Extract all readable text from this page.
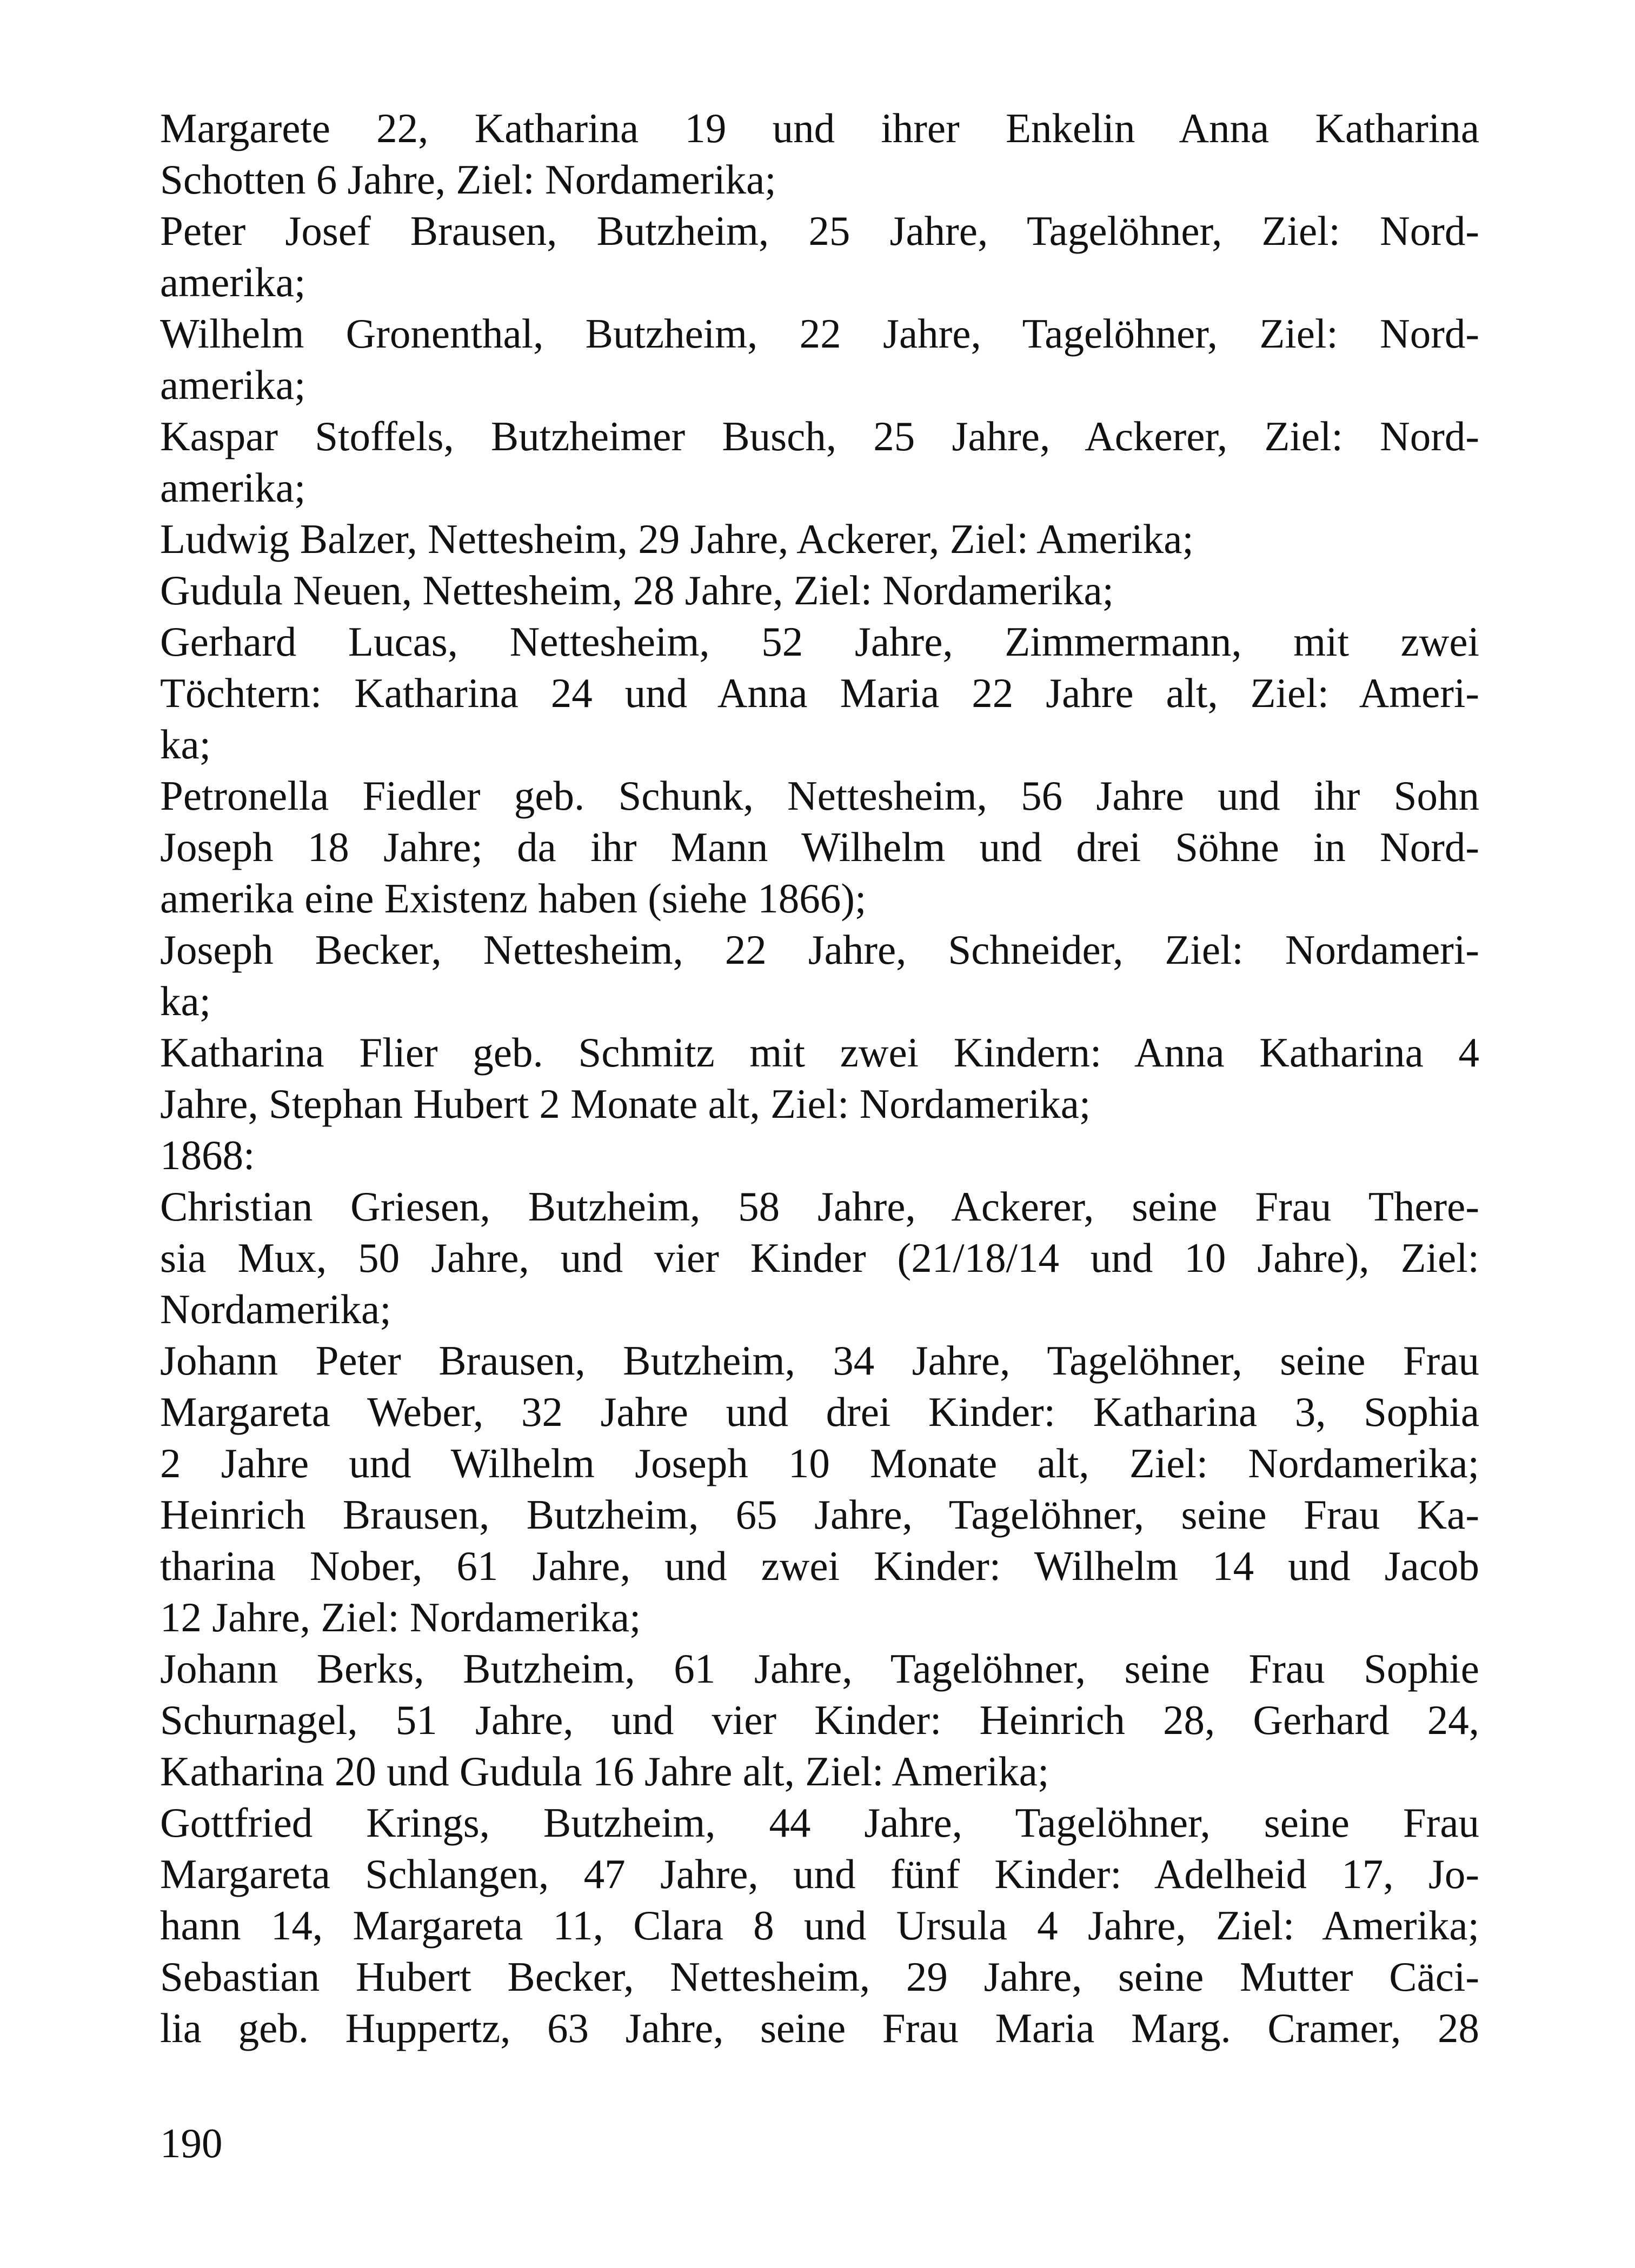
Margarete 22, Katharina 19 und ihrer Enkelin Anna Katharina
Schotten 6 Jahre, Ziel: Nordamerika;
Peter Josef Brausen, Butzheim, 25 Jahre, Tagelöhner, Ziel: Nord-
amerika;
Wilhelm Gronenthal, Butzheim, 22 Jahre, Tagelöhner, Ziel: Nord-
amerika;
Kaspar Stoffels, Butzheimer Busch, 25 Jahre, Ackerer, Ziel: Nord-
amerika;
Ludwig Balzer, Nettesheim, 29 Jahre, Ackerer, Ziel: Amerika;
Gudula Neuen, Nettesheim, 28 Jahre, Ziel: Nordamerika;
Gerhard Lucas, Nettesheim, 52 Jahre, Zimmermann, mit zwei
Töchtern: Katharina 24 und Anna Maria 22 Jahre alt, Ziel: Ameri-
ka;
Petronella Fiedler geb. Schunk, Nettesheim, 56 Jahre und ihr Sohn
Joseph 18 Jahre; da ihr Mann Wilhelm und drei Söhne in Nord-
amerika eine Existenz haben (siehe 1866);
Joseph Becker, Nettesheim, 22 Jahre, Schneider, Ziel: Nordameri-
ka;
Katharina Flier geb. Schmitz mit zwei Kindern: Anna Katharina 4
Jahre, Stephan Hubert 2 Monate alt, Ziel: Nordamerika;
1868:
Christian Griesen, Butzheim, 58 Jahre, Ackerer, seine Frau There-
sia Mux, 50 Jahre, und vier Kinder (21/18/14 und 10 Jahre), Ziel:
Nordamerika;
Johann Peter Brausen, Butzheim, 34 Jahre, Tagelöhner, seine Frau
Margareta Weber, 32 Jahre und drei Kinder: Katharina 3, Sophia
2 Jahre und Wilhelm Joseph 10 Monate alt, Ziel: Nordamerika;
Heinrich Brausen, Butzheim, 65 Jahre, Tagelöhner, seine Frau Ka-
tharina Nober, 61 Jahre, und zwei Kinder: Wilhelm 14 und Jacob
12 Jahre, Ziel: Nordamerika;
Johann Berks, Butzheim, 61 Jahre, Tagelöhner, seine Frau Sophie
Schurnagel, 51 Jahre, und vier Kinder: Heinrich 28, Gerhard 24,
Katharina 20 und Gudula 16 Jahre alt, Ziel: Amerika;
Gottfried Krings, Butzheim, 44 Jahre, Tagelöhner, seine Frau
Margareta Schlangen, 47 Jahre, und fünf Kinder: Adelheid 17, Jo-
hann 14, Margareta 11, Clara 8 und Ursula 4 Jahre, Ziel: Amerika;
Sebastian Hubert Becker, Nettesheim, 29 Jahre, seine Mutter Cäci-
lia geb. Huppertz, 63 Jahre, seine Frau Maria Marg. Cramer, 28
190
